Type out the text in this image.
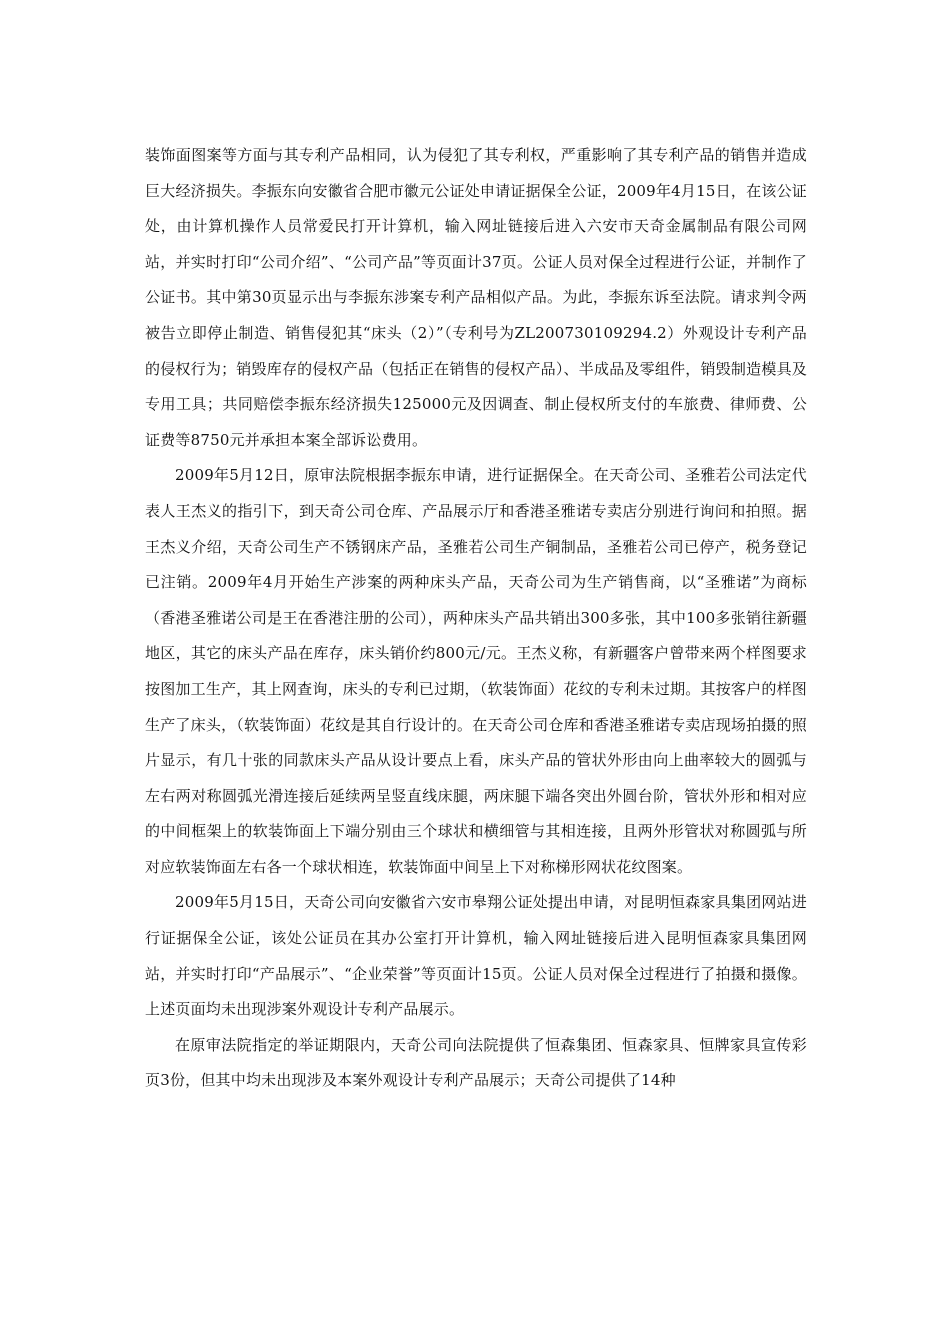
装饰面图案等方面与其专利产品相同，认为侵犯了其专利权，严重影响了其专利产品的销售并造成巨大经济损失。李振东向安徽省合肥市徽元公证处申请证据保全公证，2009年4月15日，在该公证处，由计算机操作人员常爱民打开计算机，输入网址链接后进入六安市天奇金属制品有限公司网站，并实时打印“公司介绍”、“公司产品”等页面计37页。公证人员对保全过程进行公证，并制作了公证书。其中第30页显示出与李振东涉案专利产品相似产品。为此，李振东诉至法院。请求判令两被告立即停止制造、销售侵犯其“床头（2）”（专利号为ZL200730109294.2）外观设计专利产品的侵权行为；销毁库存的侵权产品（包括正在销售的侵权产品）、半成品及零组件，销毁制造模具及专用工具；共同赔偿李振东经济损失125000元及因调查、制止侵权所支付的车旅费、律师费、公证费等8750元并承担本案全部诉讼费用。

2009年5月12日，原审法院根据李振东申请，进行证据保全。在天奇公司、圣雅若公司法定代表人王杰义的指引下，到天奇公司仓库、产品展示厅和香港圣雅诺专卖店分别进行询问和拍照。据王杰义介绍，天奇公司生产不锈钢床产品，圣雅若公司生产铜制品，圣雅若公司已停产，税务登记已注销。2009年4月开始生产涉案的两种床头产品，天奇公司为生产销售商，以“圣雅诺”为商标（香港圣雅诺公司是王在香港注册的公司），两种床头产品共销出300多张，其中100多张销往新疆地区，其它的床头产品在库存，床头销价约800元/元。王杰义称，有新疆客户曾带来两个样图要求按图加工生产，其上网查询，床头的专利已过期，（软装饰面）花纹的专利未过期。其按客户的样图生产了床头，（软装饰面）花纹是其自行设计的。在天奇公司仓库和香港圣雅诺专卖店现场拍摄的照片显示，有几十张的同款床头产品从设计要点上看，床头产品的管状外形由向上曲率较大的圆弧与左右两对称圆弧光滑连接后延续两呈竖直线床腿，两床腿下端各突出外圆台阶，管状外形和相对应的中间框架上的软装饰面上下端分别由三个球状和横细管与其相连接，且两外形管状对称圆弧与所对应软装饰面左右各一个球状相连，软装饰面中间呈上下对称梯形网状花纹图案。

2009年5月15日，天奇公司向安徽省六安市皋翔公证处提出申请，对昆明恒森家具集团网站进行证据保全公证，该处公证员在其办公室打开计算机，输入网址链接后进入昆明恒森家具集团网站，并实时打印“产品展示”、“企业荣誉”等页面计15页。公证人员对保全过程进行了拍摄和摄像。上述页面均未出现涉案外观设计专利产品展示。

在原审法院指定的举证期限内，天奇公司向法院提供了恒森集团、恒森家具、恒牌家具宣传彩页3份，但其中均未出现涉及本案外观设计专利产品展示；天奇公司提供了14种
